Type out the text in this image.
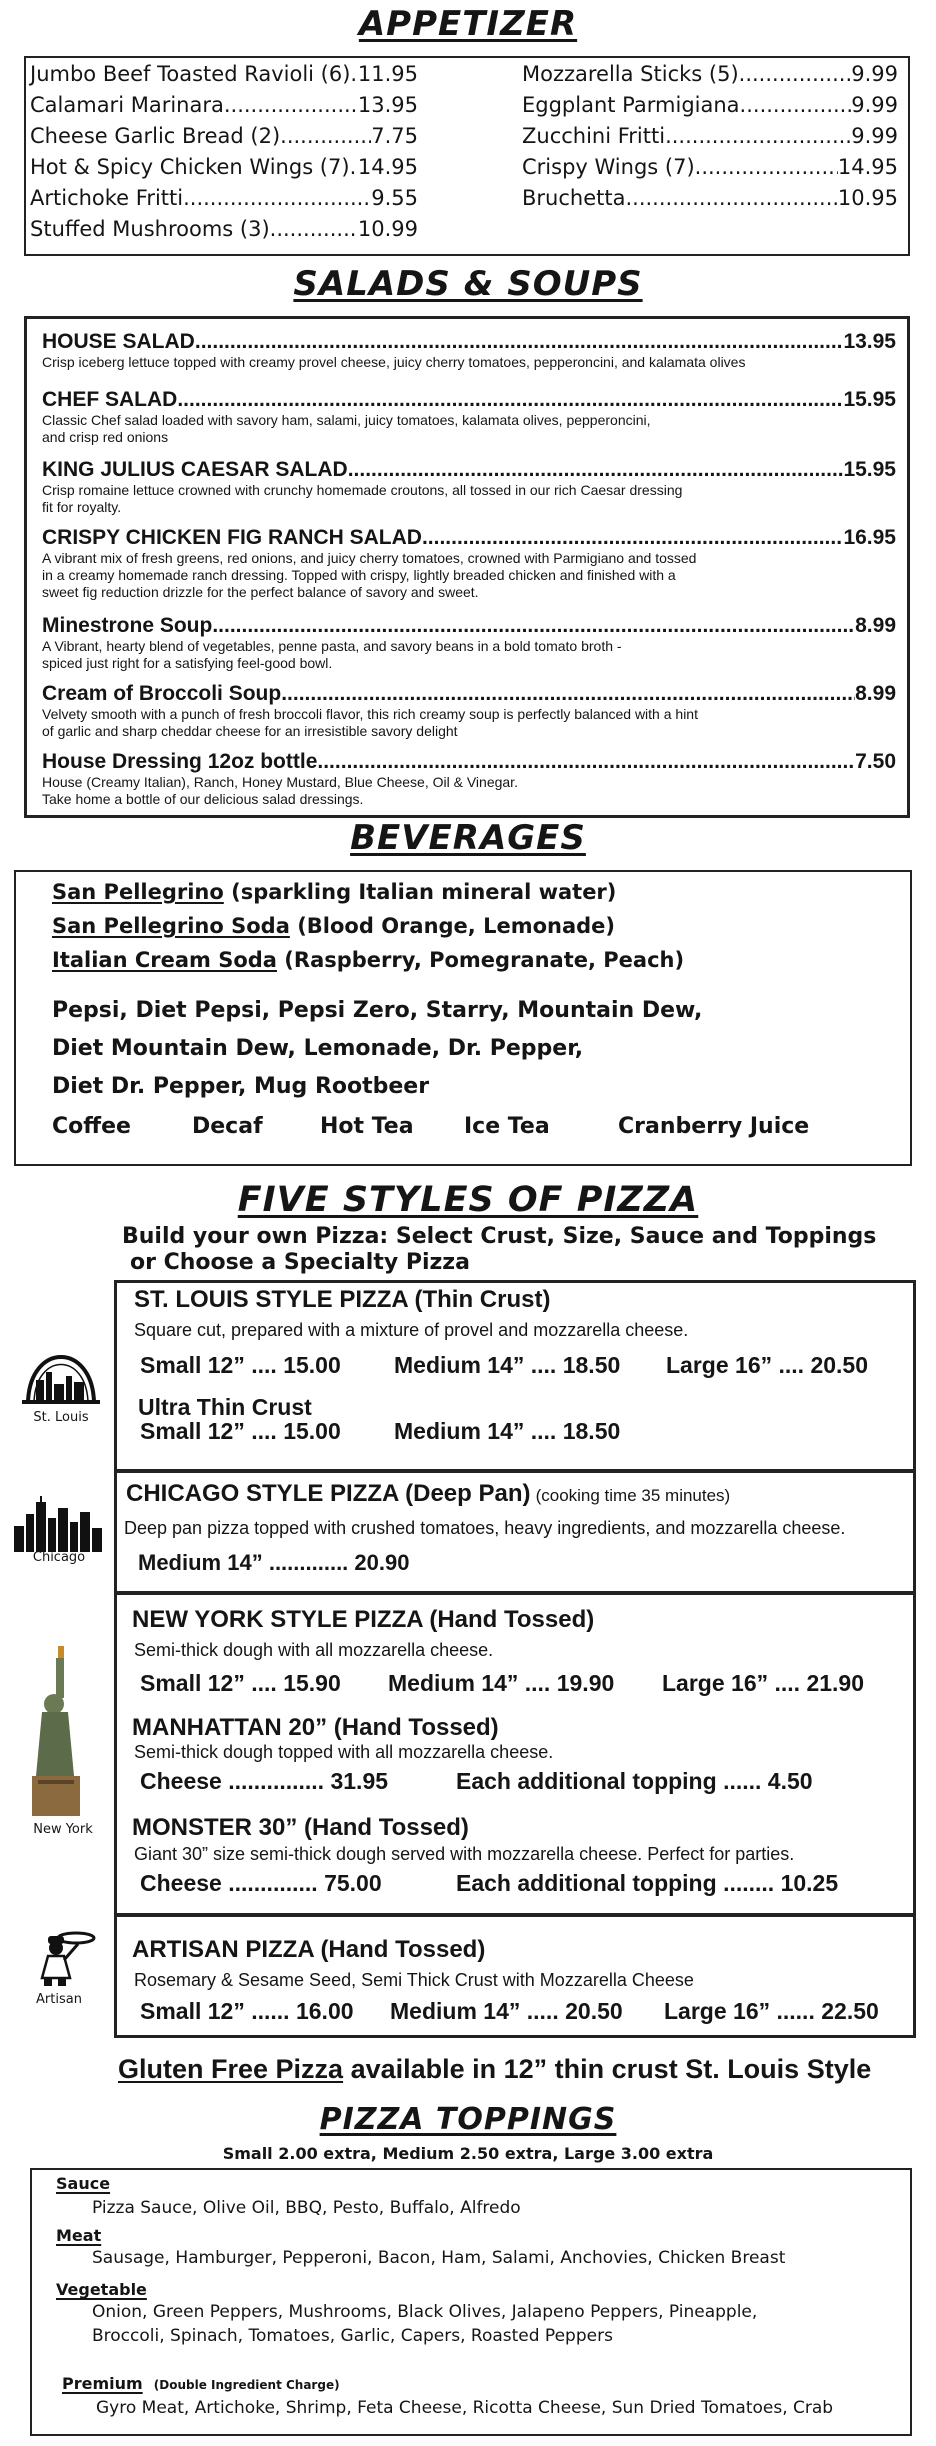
APPETIZER
Jumbo Beef Toasted Ravioli (6) ..... 11.95
Calamari Marinara .....	13.95
Cheese Garlic Bread (2) .....	7.75
Hot & Spicy Chicken Wings (7) ..... 14.95
Artichoke Fritti .....	9.55
Stuffed Mushrooms (3) .....	10.99
Mozzarella Sticks (5) .....	9.99
Eggplant Parmigiana .....	9.99
Zucchini Fritti .....	9.99
Crispy Wings (7) .....	14.95
Bruchetta .....	10.95
SALADS & SOUPS
HOUSE SALAD .....	13.95
Crisp iceberg lettuce topped with creamy provel cheese, juicy cherry tomatoes, pepperoncini, and kalamata olives
CHEF SALAD .....	15.95
Classic Chef salad loaded with savory ham, salami, juicy tomatoes, kalamata olives, pepperoncini,
and crisp red onions
KING JULIUS CAESAR SALAD .....	15.95
Crisp romaine lettuce crowned with crunchy homemade croutons, all tossed in our rich Caesar dressing
fit for royalty.
CRISPY CHICKEN FIG RANCH SALAD .....	16.95
A vibrant mix of fresh greens, red onions, and juicy cherry tomatoes, crowned with Parmigiano and tossed
in a creamy homemade ranch dressing. Topped with crispy, lightly breaded chicken and finished with a
sweet fig reduction drizzle for the perfect balance of savory and sweet.
Minestrone Soup .....	8.99
A Vibrant, hearty blend of vegetables, penne pasta, and savory beans in a bold tomato broth -
spiced just right for a satisfying feel-good bowl.
Cream of Broccoli Soup .....	8.99
Velvety smooth with a punch of fresh broccoli flavor, this rich creamy soup is perfectly balanced with a hint
of garlic and sharp cheddar cheese for an irresistible savory delight
House Dressing 12oz bottle .....	7.50
House (Creamy Italian), Ranch, Honey Mustard, Blue Cheese, Oil & Vinegar.
Take home a bottle of our delicious salad dressings.
BEVERAGES
San Pellegrino (sparkling Italian mineral water)
San Pellegrino Soda (Blood Orange, Lemonade)
Italian Cream Soda (Raspberry, Pomegranate, Peach)
Pepsi, Diet Pepsi, Pepsi Zero, Starry, Mountain Dew,
Diet Mountain Dew, Lemonade, Dr. Pepper,
Diet Dr. Pepper, Mug Rootbeer
Coffee	Decaf	Hot Tea Ice Tea	Cranberry Juice
FIVE STYLES OF PIZZA
Build your own Pizza: Select Crust, Size, Sauce and Toppings
or Choose a Specialty Pizza
St. Louis
ST. LOUIS STYLE PIZZA (Thin Crust)
Square cut, prepared with a mixture of provel and mozzarella cheese.
Small 12” .... 15.00 Medium 14” .... 18.50 Large 16” .... 20.50
Ultra Thin Crust
Small 12” .... 15.00 Medium 14” .... 18.50
Chicago
CHICAGO STYLE PIZZA (Deep Pan) (cooking time 35 minutes)
Deep pan pizza topped with crushed tomatoes, heavy ingredients, and mozzarella cheese.
Medium 14” ............. 20.90
New York
NEW YORK STYLE PIZZA (Hand Tossed)
Semi-thick dough with all mozzarella cheese.
Small 12” .... 15.90 Medium 14” .... 19.90 Large 16” .... 21.90
MANHATTAN 20” (Hand Tossed)
Semi-thick dough topped with all mozzarella cheese.
Cheese ............... 31.95	Each additional topping ...... 4.50
MONSTER 30” (Hand Tossed)
Giant 30” size semi-thick dough served with mozzarella cheese. Perfect for parties.
Cheese .............. 75.00	Each additional topping ........ 10.25
Artisan
ARTISAN PIZZA (Hand Tossed)
Rosemary & Sesame Seed, Semi Thick Crust with Mozzarella Cheese
Small 12” ...... 16.00 Medium 14” ..... 20.50 Large 16” ...... 22.50
Gluten Free Pizza available in 12” thin crust St. Louis Style
PIZZA TOPPINGS
Small 2.00 extra, Medium 2.50 extra, Large 3.00 extra
Sauce
Pizza Sauce, Olive Oil, BBQ, Pesto, Buffalo, Alfredo
Meat
Sausage, Hamburger, Pepperoni, Bacon, Ham, Salami, Anchovies, Chicken Breast
Vegetable
Onion, Green Peppers, Mushrooms, Black Olives, Jalapeno Peppers, Pineapple,
Broccoli, Spinach, Tomatoes, Garlic, Capers, Roasted Peppers
Premium (Double Ingredient Charge)
Gyro Meat, Artichoke, Shrimp, Feta Cheese, Ricotta Cheese, Sun Dried Tomatoes, Crab
